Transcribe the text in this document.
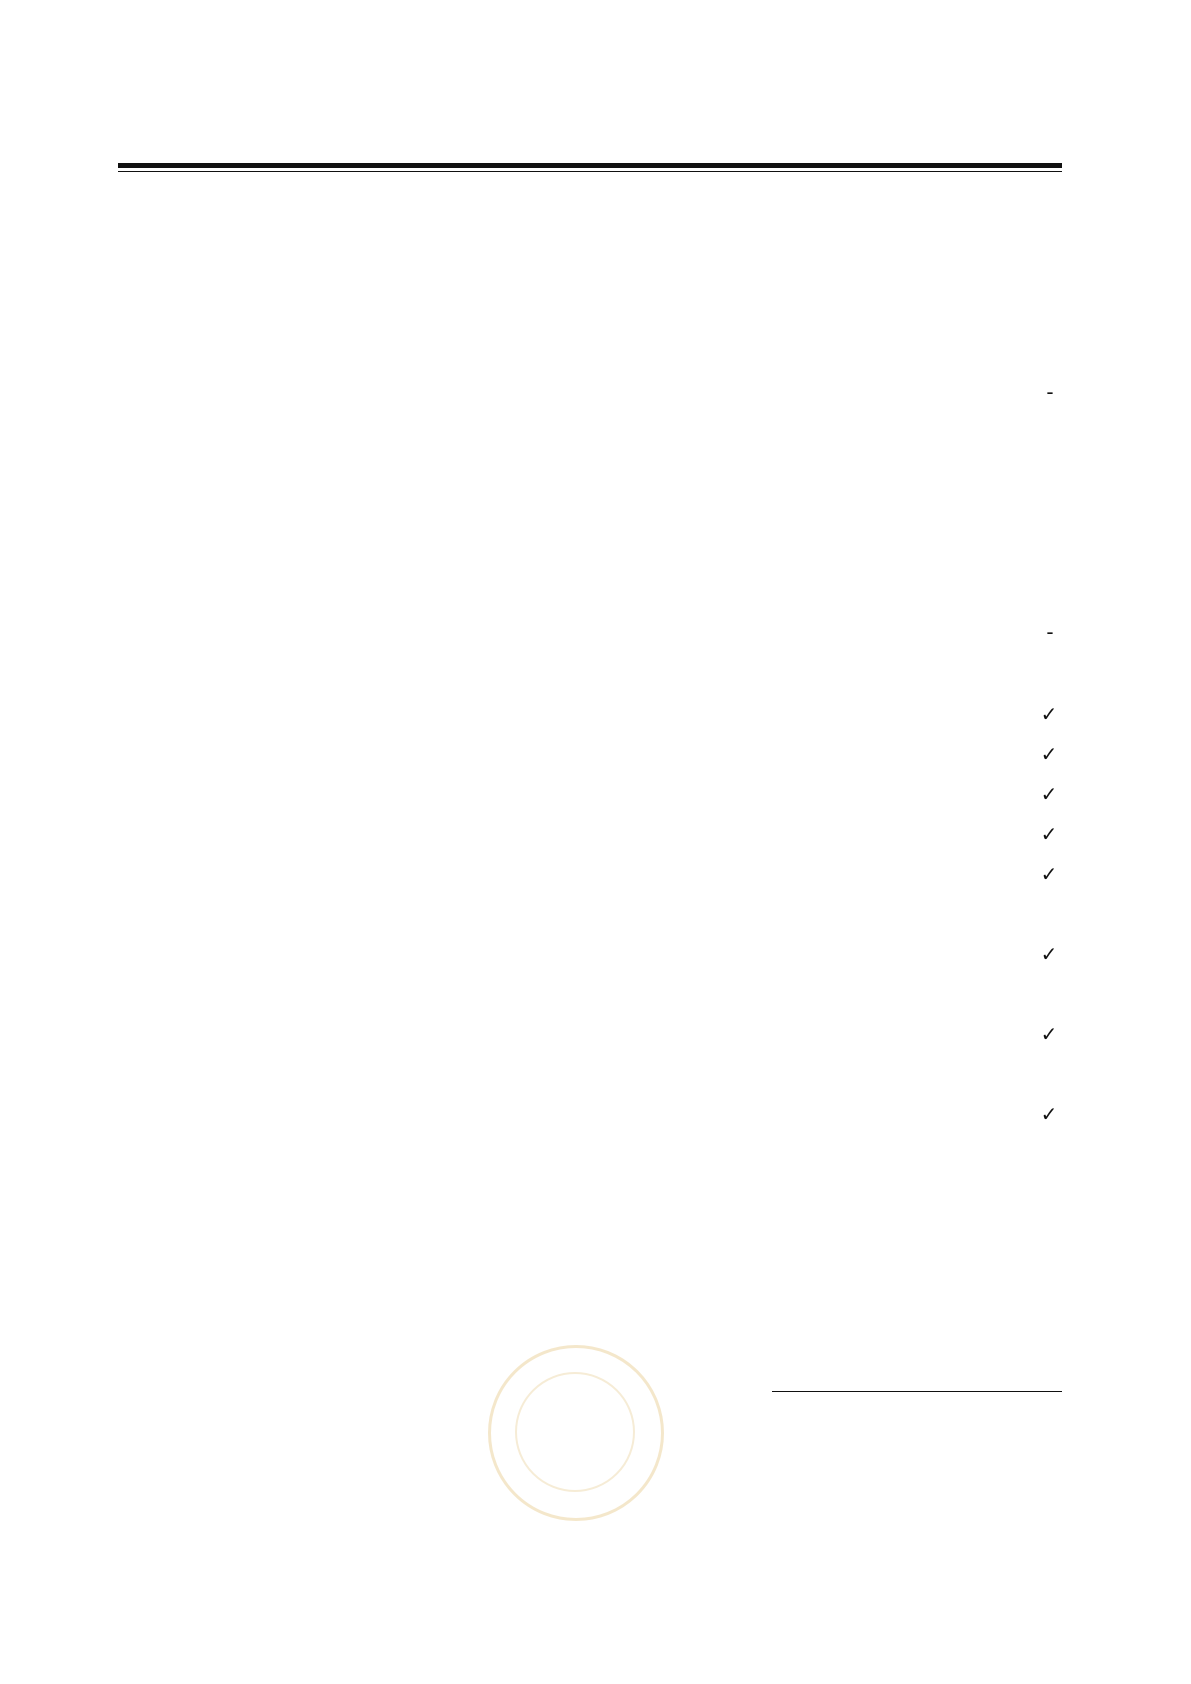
-
-
✓
✓
✓
✓
✓
✓
✓
✓
